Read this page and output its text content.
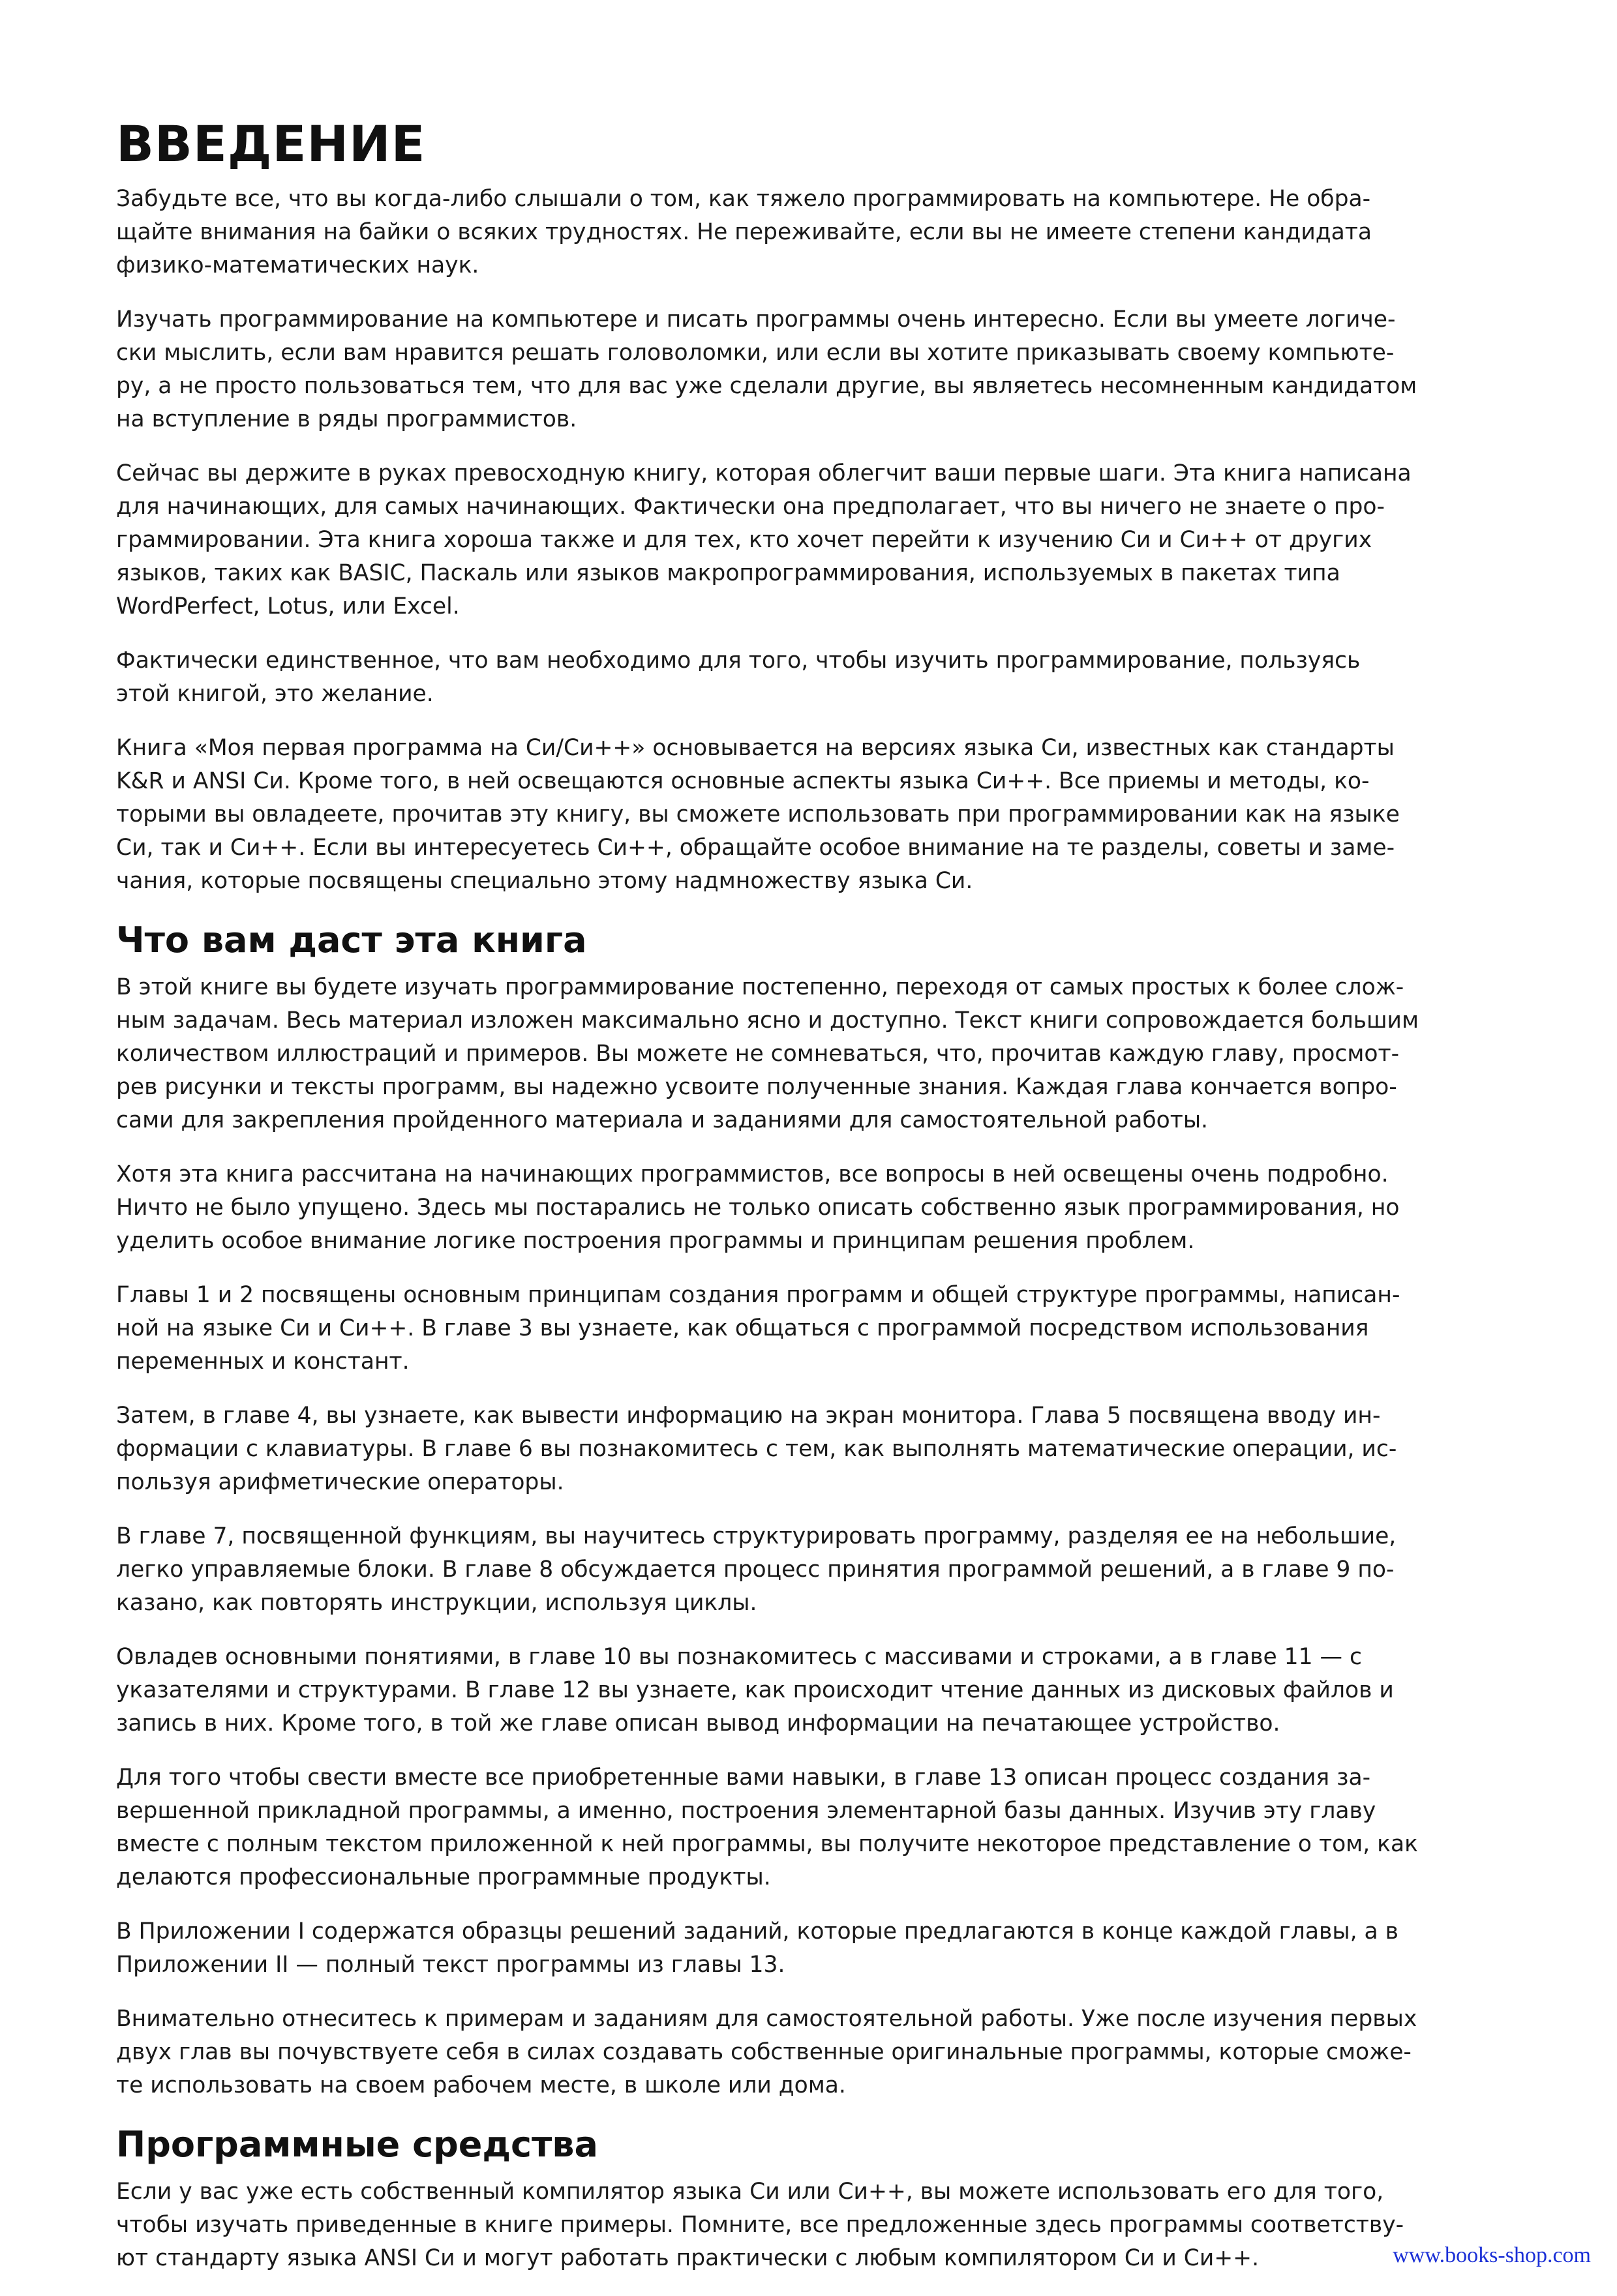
ВВЕДЕНИЕ

Забудьте все, что вы когда-либо слышали о том, как тяжело программировать на компьютере. Не обра-
щайте внимания на байки о всяких трудностях. Не переживайте, если вы не имеете степени кандидата
физико-математических наук.

Изучать программирование на компьютере и писать программы очень интересно. Если вы умеете логиче-
ски мыслить, если вам нравится решать головоломки, или если вы хотите приказывать своему компьюте-
ру, а не просто пользоваться тем, что для вас уже сделали другие, вы являетесь несомненным кандидатом
на вступление в ряды программистов.

Сейчас вы держите в руках превосходную книгу, которая облегчит ваши первые шаги. Эта книга написана
для начинающих, для самых начинающих. Фактически она предполагает, что вы ничего не знаете о про-
граммировании. Эта книга хороша также и для тех, кто хочет перейти к изучению Си и Си++ от других
языков, таких как BASIC, Паскаль или языков макропрограммирования, используемых в пакетах типа
WordPerfect, Lotus, или Excel.

Фактически единственное, что вам необходимо для того, чтобы изучить программирование, пользуясь
этой книгой, это желание.

Книга «Моя первая программа на Си/Си++» основывается на версиях языка Си, известных как стандарты
K&R и ANSI Си. Кроме того, в ней освещаются основные аспекты языка Си++. Все приемы и методы, ко-
торыми вы овладеете, прочитав эту книгу, вы сможете использовать при программировании как на языке
Си, так и Си++. Если вы интересуетесь Си++, обращайте особое внимание на те разделы, советы и заме-
чания, которые посвящены специально этому надмножеству языка Си.

Что вам даст эта книга

В этой книге вы будете изучать программирование постепенно, переходя от самых простых к более слож-
ным задачам. Весь материал изложен максимально ясно и доступно. Текст книги сопровождается большим
количеством иллюстраций и примеров. Вы можете не сомневаться, что, прочитав каждую главу, просмот-
рев рисунки и тексты программ, вы надежно усвоите полученные знания. Каждая глава кончается вопро-
сами для закрепления пройденного материала и заданиями для самостоятельной работы.

Хотя эта книга рассчитана на начинающих программистов, все вопросы в ней освещены очень подробно.
Ничто не было упущено. Здесь мы постарались не только описать собственно язык программирования, но
уделить особое внимание логике построения программы и принципам решения проблем.

Главы 1 и 2 посвящены основным принципам создания программ и общей структуре программы, написан-
ной на языке Си и Си++. В главе 3 вы узнаете, как общаться с программой посредством использования
переменных и констант.

Затем, в главе 4, вы узнаете, как вывести информацию на экран монитора. Глава 5 посвящена вводу ин-
формации с клавиатуры. В главе 6 вы познакомитесь с тем, как выполнять математические операции, ис-
пользуя арифметические операторы.

В главе 7, посвященной функциям, вы научитесь структурировать программу, разделяя ее на небольшие,
легко управляемые блоки. В главе 8 обсуждается процесс принятия программой решений, а в главе 9 по-
казано, как повторять инструкции, используя циклы.

Овладев основными понятиями, в главе 10 вы познакомитесь с массивами и строками, а в главе 11 — с
указателями и структурами. В главе 12 вы узнаете, как происходит чтение данных из дисковых файлов и
запись в них. Кроме того, в той же главе описан вывод информации на печатающее устройство.

Для того чтобы свести вместе все приобретенные вами навыки, в главе 13 описан процесс создания за-
вершенной прикладной программы, а именно, построения элементарной базы данных. Изучив эту главу
вместе с полным текстом приложенной к ней программы, вы получите некоторое представление о том, как
делаются профессиональные программные продукты.

В Приложении I содержатся образцы решений заданий, которые предлагаются в конце каждой главы, а в
Приложении II — полный текст программы из главы 13.

Внимательно отнеситесь к примерам и заданиям для самостоятельной работы. Уже после изучения первых
двух глав вы почувствуете себя в силах создавать собственные оригинальные программы, которые сможе-
те использовать на своем рабочем месте, в школе или дома.

Программные средства

Если у вас уже есть собственный компилятор языка Си или Си++, вы можете использовать его для того,
чтобы изучать приведенные в книге примеры. Помните, все предложенные здесь программы соответству-
ют стандарту языка ANSI Си и могут работать практически с любым компилятором Си и Си++.	www.books-shop.com
